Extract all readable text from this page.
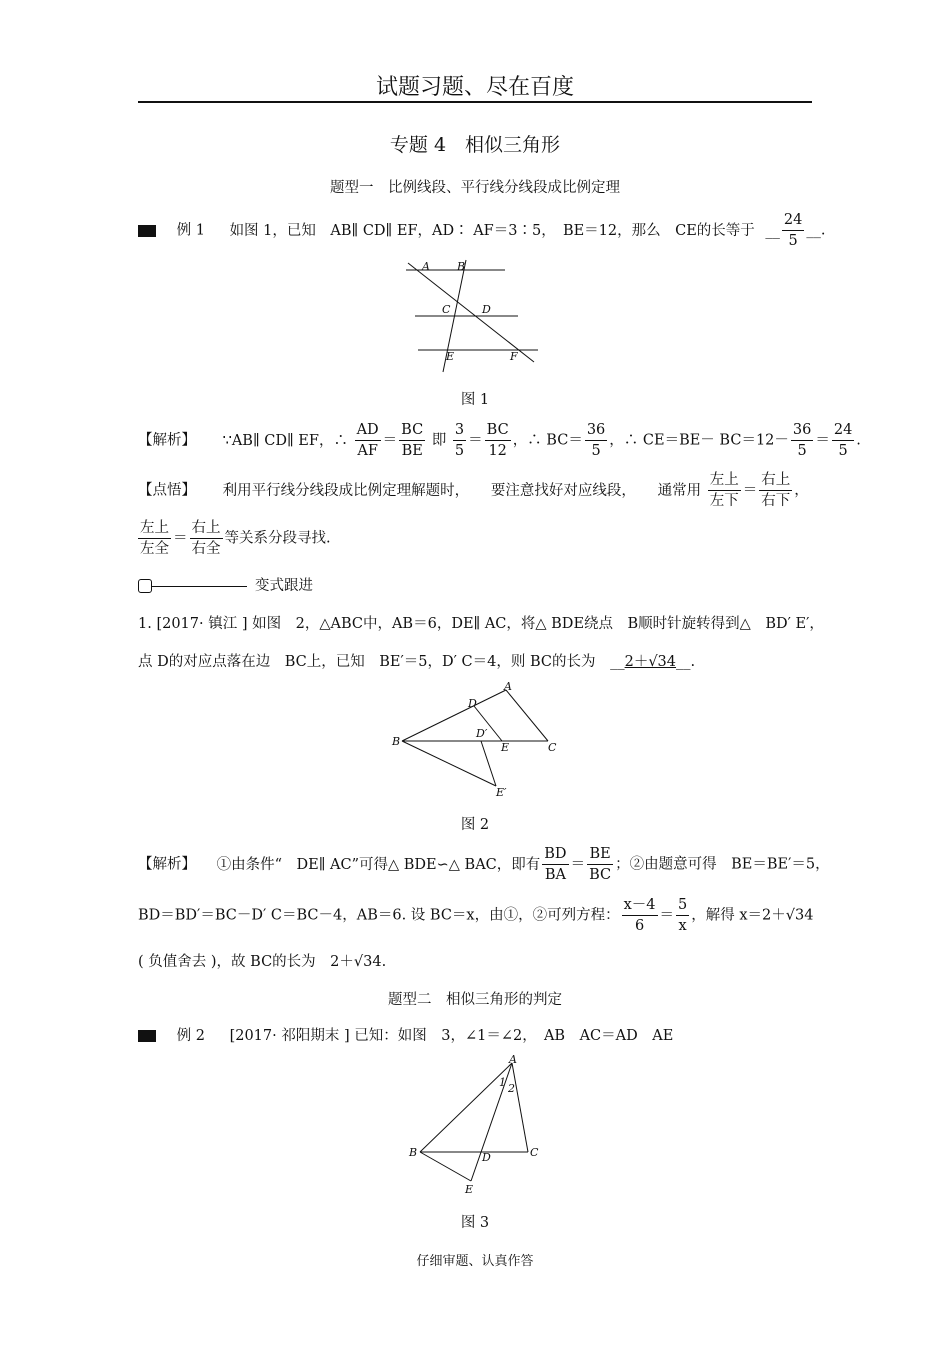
试题习题、尽在百度
专题 4　相似三角形
题型一　比例线段、平行线分线段成比例定理
例 1 如图 1，已知　AB∥ CD∥ EF，AD∶ AF＝3∶5，　BE＝12，那么　CE的长等于 __ $\frac{24}{5}$ __.
A B
C	D
E	F
图 1
【解析】 ∵AB∥ CD∥ EF，∴ $\frac{AD}{AF} = \frac{BC}{BE}$ 即 $\frac{3}{5} = \frac{BC}{12}$ ，∴ $BC= \frac{36}{5}$ ，∴ $CE=BE- BC=12- \frac{36}{5} = \frac{24}{5}$ .
【点悟】 利用平行线分线段成比例定理解题时，　　要注意找好对应线段，　　通常用 $\frac{\text{左上}}{\text{左下}} = \frac{\text{右上}}{\text{右下}}$ ，
$\frac{\text{左上}}{\text{左全}} = \frac{\text{右上}}{\text{右全}}$ 等关系分段寻找.
变式跟进
1. [2017· 镇江 ] 如图　2，△ABC中，AB＝6，DE∥ AC，将△ BDE绕点　B顺时针旋转得到△　BD′ E′，
点 D的对应点落在边　BC上，已知　BE′＝5，D′ C＝4，则 BC的长为 __2＋√34__.
A
D
B
D′
E	C
E′
图 2
【解析】 ①由条件“　DE∥ AC”可得△ BDE∽△ BAC，即有 $\frac{BD}{BA} = \frac{BE}{BC}$ ；②由题意可得　BE＝BE′＝5，
BD＝BD′＝BC－D′ C＝BC－4，AB＝6. 设 BC＝x，由①，②可列方程： $\frac{x-4}{6} = \frac{5}{x}$ ，解得 x＝2＋√34
( 负值舍去 )，故 BC的长为　2＋√34.
题型二　相似三角形的判定
例 2 [2017· 祁阳期末 ] 已知：如图　3，∠1＝∠2，　AB　AC＝AD　AE
A
1 2
B	D	C
E
图 3
仔细审题、认真作答
